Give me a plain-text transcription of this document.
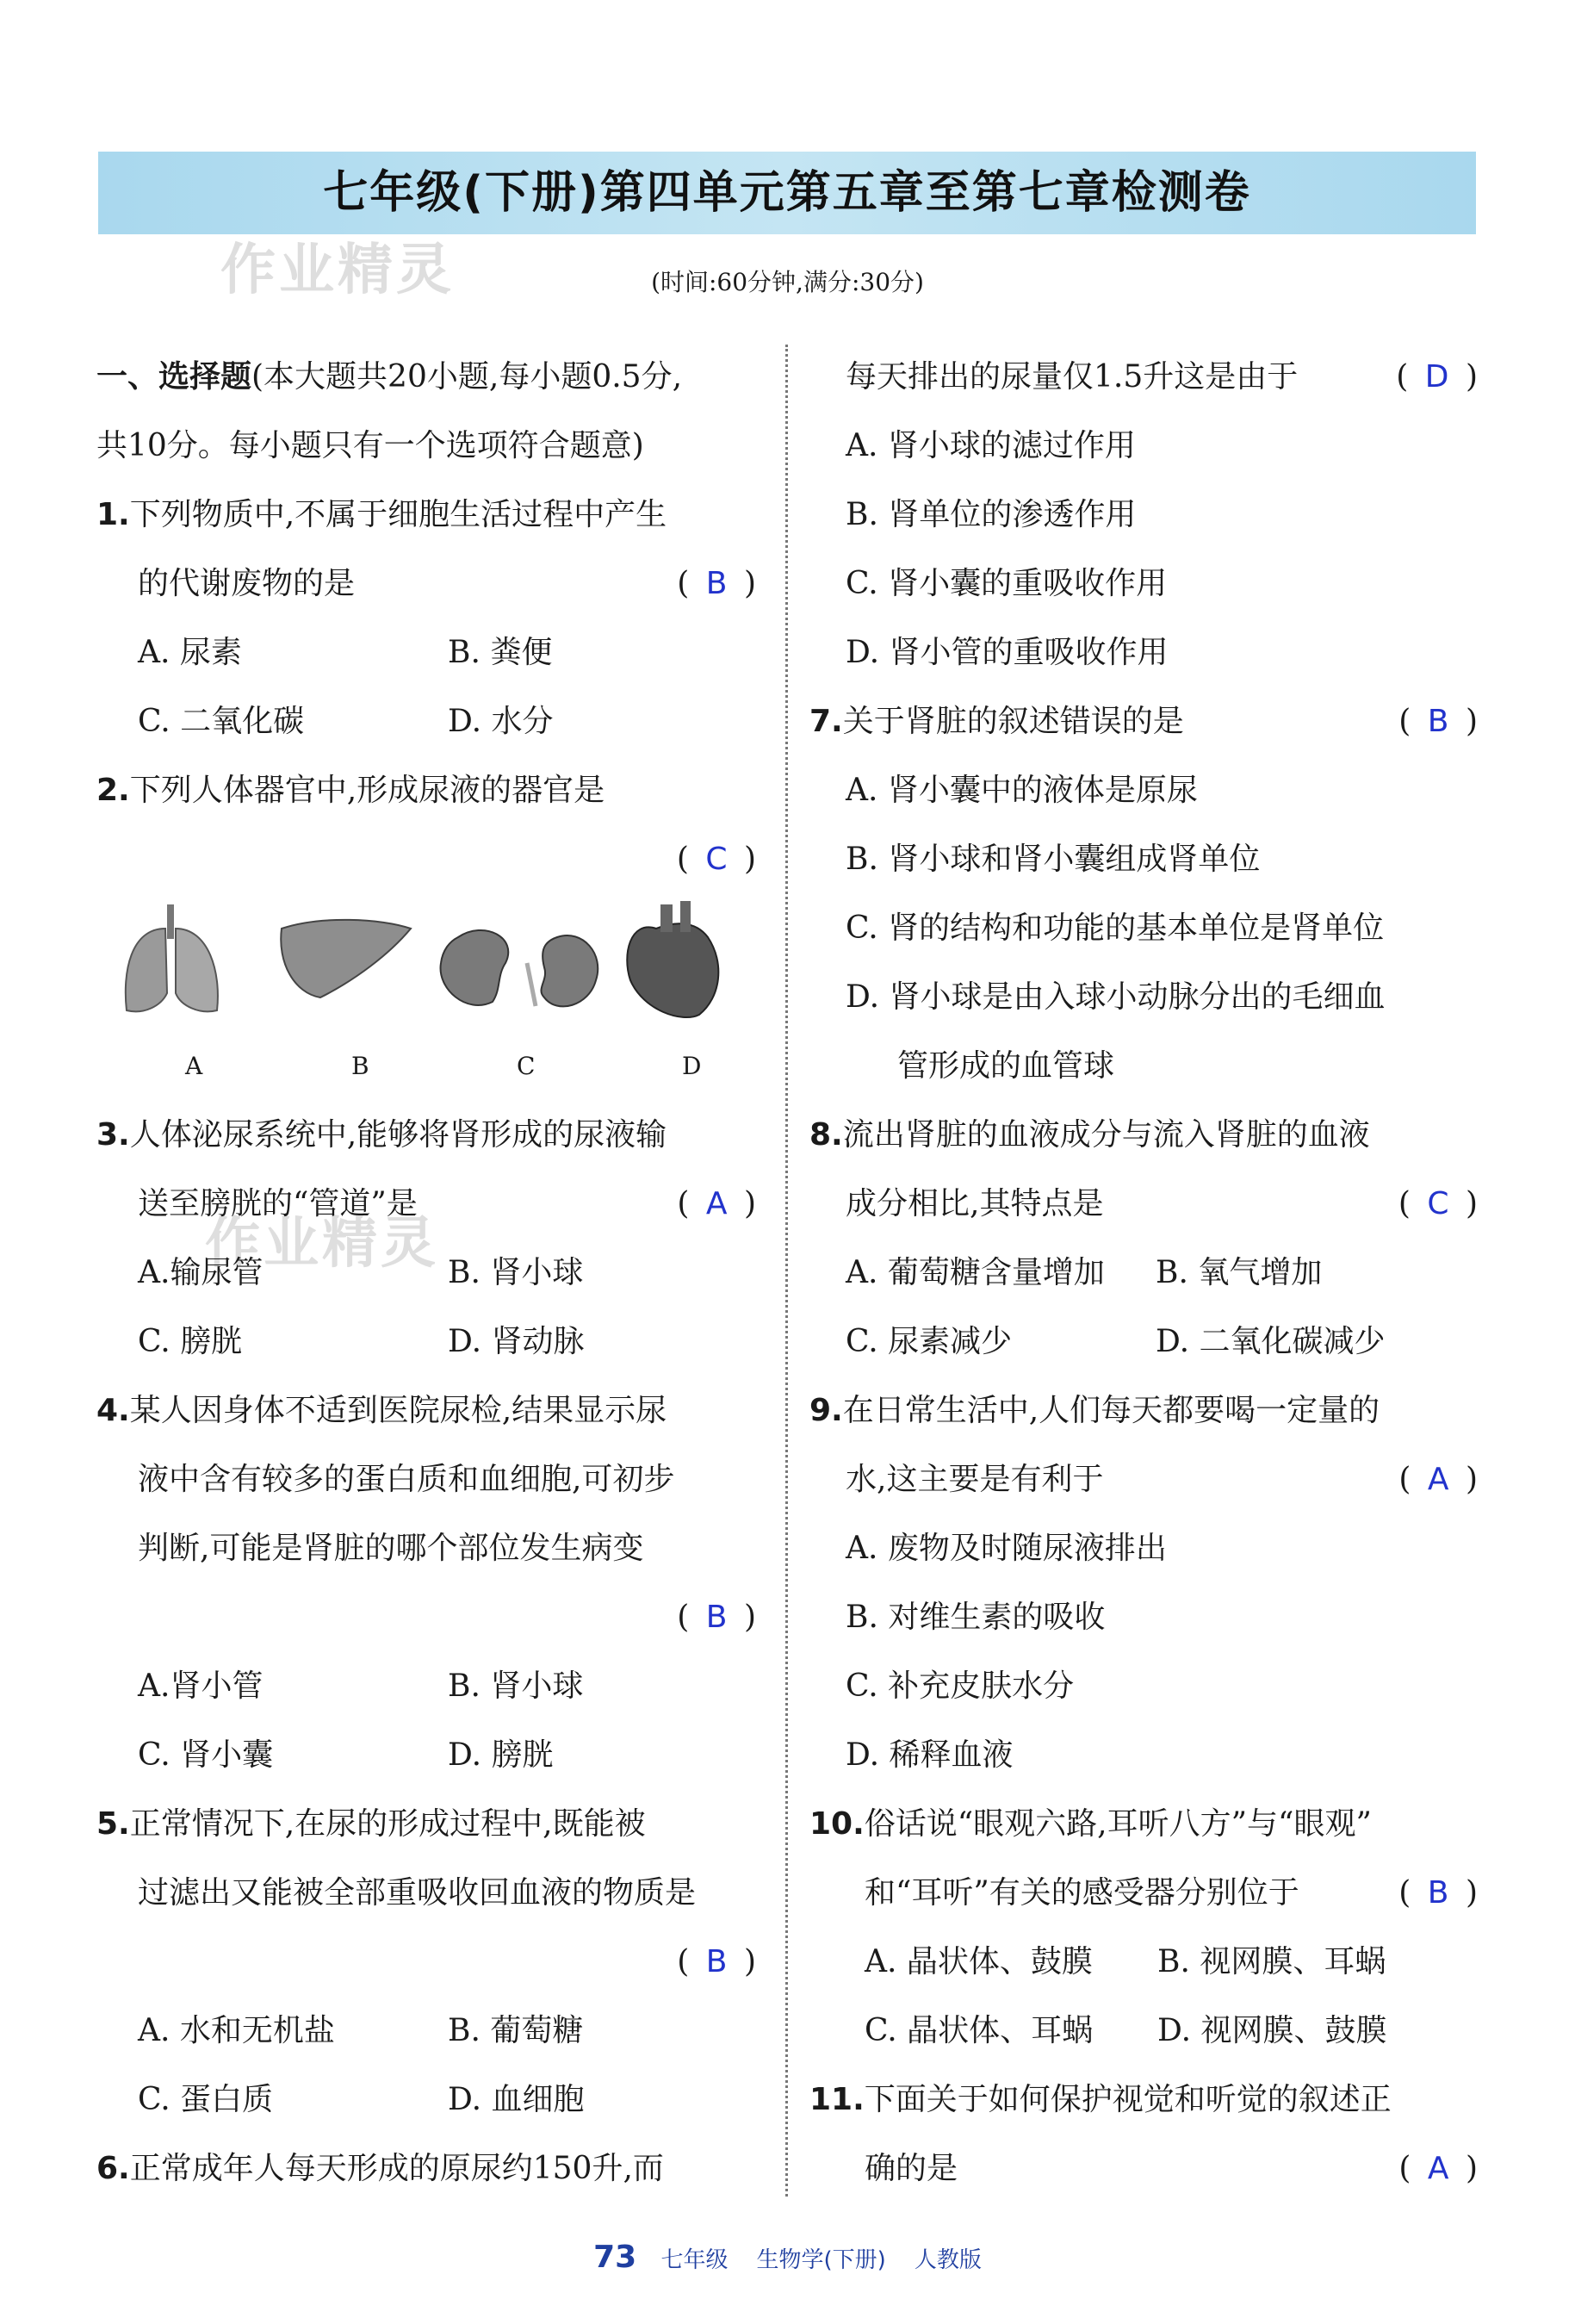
七年级(下册)第四单元第五章至第七章检测卷
(时间:60分钟,满分:30分)
作业精灵
作业精灵
一、选择题(本大题共20小题,每小题0.5分,
共10分。每小题只有一个选项符合题意)
1.下列物质中,不属于细胞生活过程中产生
的代谢废物的是	( B )
A. 尿素	B. 粪便
C. 二氧化碳	D. 水分
2.下列人体器官中,形成尿液的器官是
( C )
A	B	C	D
3.人体泌尿系统中,能够将肾形成的尿液输
送至膀胱的“管道”是	( A )
A.输尿管	B. 肾小球
C. 膀胱	D. 肾动脉
4.某人因身体不适到医院尿检,结果显示尿
液中含有较多的蛋白质和血细胞,可初步
判断,可能是肾脏的哪个部位发生病变
( B )
A.肾小管	B. 肾小球
C. 肾小囊	D. 膀胱
5.正常情况下,在尿的形成过程中,既能被
过滤出又能被全部重吸收回血液的物质是
( B )
A. 水和无机盐	B. 葡萄糖
C. 蛋白质	D. 血细胞
6.正常成年人每天形成的原尿约150升,而
每天排出的尿量仅1.5升这是由于	( D )
A. 肾小球的滤过作用
B. 肾单位的渗透作用
C. 肾小囊的重吸收作用
D. 肾小管的重吸收作用
7.关于肾脏的叙述错误的是	( B )
A. 肾小囊中的液体是原尿
B. 肾小球和肾小囊组成肾单位
C. 肾的结构和功能的基本单位是肾单位
D. 肾小球是由入球小动脉分出的毛细血
管形成的血管球
8.流出肾脏的血液成分与流入肾脏的血液
成分相比,其特点是	( C )
A. 葡萄糖含量增加	B. 氧气增加
C. 尿素减少	D. 二氧化碳减少
9.在日常生活中,人们每天都要喝一定量的
水,这主要是有利于	( A )
A. 废物及时随尿液排出
B. 对维生素的吸收
C. 补充皮肤水分
D. 稀释血液
10.俗话说“眼观六路,耳听八方”与“眼观”
和“耳听”有关的感受器分别位于	( B )
A. 晶状体、鼓膜	B. 视网膜、耳蜗
C. 晶状体、耳蜗	D. 视网膜、鼓膜
11.下面关于如何保护视觉和听觉的叙述正
确的是	( A )
73 七年级 生物学(下册) 人教版
